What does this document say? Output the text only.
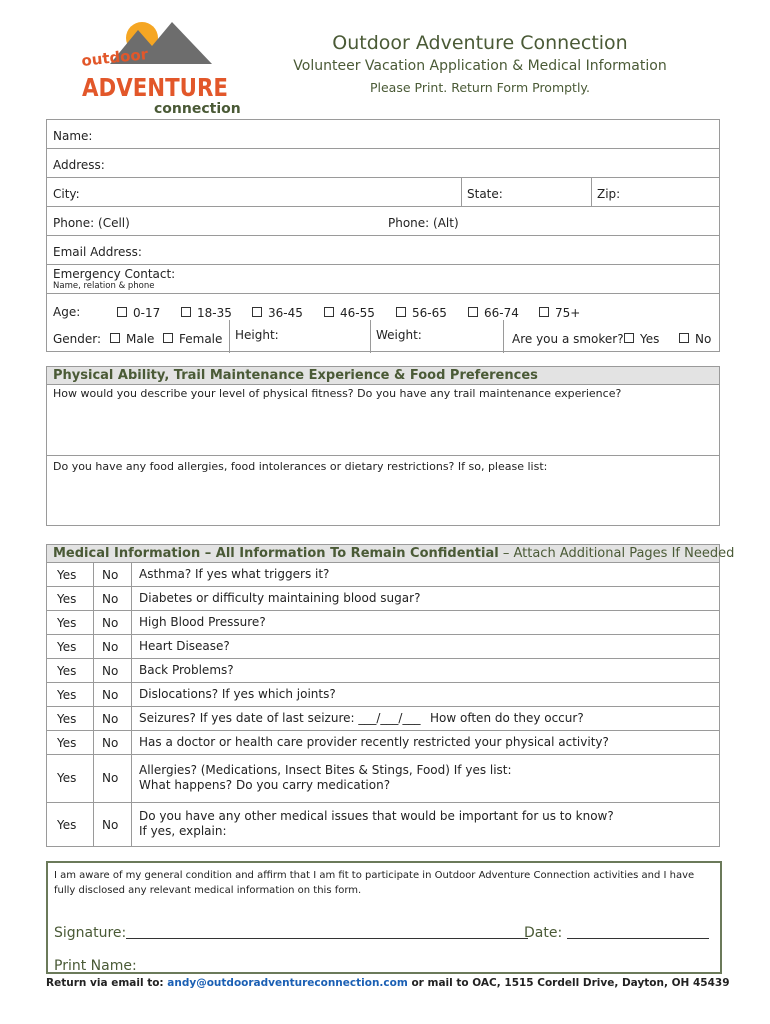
outdoor
ADVENTURE
connection
Outdoor Adventure Connection
Volunteer Vacation Application & Medical Information
Please Print. Return Form Promptly.
Name:
Address:
City:	State:	Zip:
Phone: (Cell)	Phone: (Alt)
Email Address:
Emergency Contact:
Name, relation & phone
Age:	0-17	18-35	36-45	46-55	56-65	66-74	75+
Gender:	Male	Female Height:	Weight:	Are you a smoker?	Yes	No
Physical Ability, Trail Maintenance Experience & Food Preferences
How would you describe your level of physical fitness? Do you have any trail maintenance experience?
Do you have any food allergies, food intolerances or dietary restrictions? If so, please list:
Medical Information – All Information To Remain Confidential – Attach Additional Pages If Needed
Yes No Asthma? If yes what triggers it?
Yes No Diabetes or difficulty maintaining blood sugar?
Yes No High Blood Pressure?
Yes No Heart Disease?
Yes No Back Problems?
Yes No Dislocations? If yes which joints?
Yes No Seizures? If yes date of last seizure: ___/___/___ How often do they occur?
Yes No Has a doctor or health care provider recently restricted your physical activity?
Yes No
Allergies? (Medications, Insect Bites & Stings, Food) If yes list:
What happens? Do you carry medication?
Yes No
Do you have any other medical issues that would be important for us to know?
If yes, explain:
I am aware of my general condition and affirm that I am fit to participate in Outdoor Adventure Connection activities and I have fully disclosed any relevant medical information on this form.
Signature:	Date:
Print Name:
Return via email to: andy@outdooradventureconnection.com or mail to OAC, 1515 Cordell Drive, Dayton, OH 45439
